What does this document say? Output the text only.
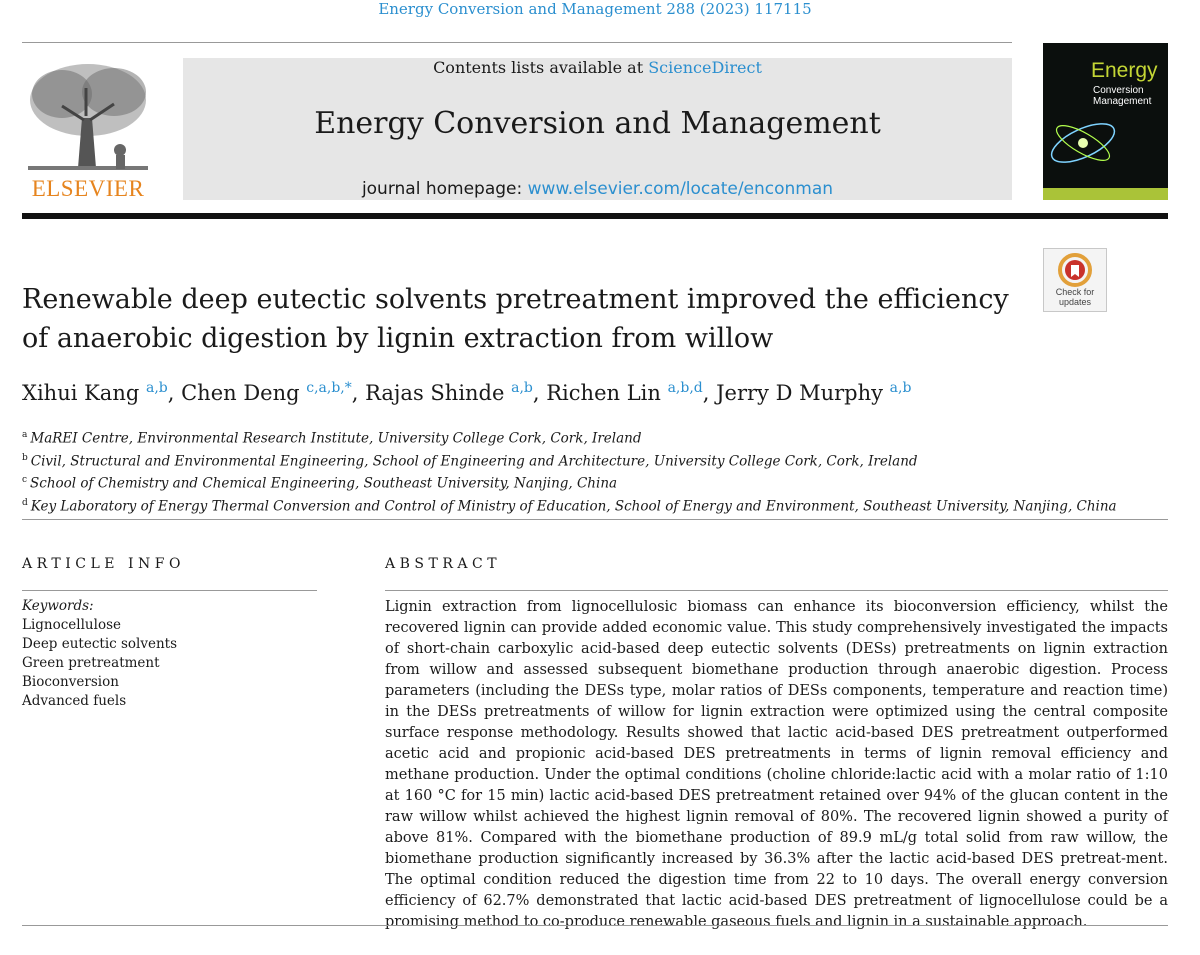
Energy Conversion and Management 288 (2023) 117115
ELSEVIER
Contents lists available at ScienceDirect
Energy Conversion and Management
journal homepage: www.elsevier.com/locate/enconman
Energy
Conversion
Management
Check for
updates
Renewable deep eutectic solvents pretreatment improved the efficiency of anaerobic digestion by lignin extraction from willow
Xihui Kang $^{a,b}$, Chen Deng $^{c,a,b,*}$, Rajas Shinde $^{a,b}$, Richen Lin $^{a,b,d}$, Jerry D Murphy $^{a,b}$
$^a$ MaREI Centre, Environmental Research Institute, University College Cork, Cork, Ireland
$^b$ Civil, Structural and Environmental Engineering, School of Engineering and Architecture, University College Cork, Cork, Ireland
$^c$ School of Chemistry and Chemical Engineering, Southeast University, Nanjing, China
$^d$ Key Laboratory of Energy Thermal Conversion and Control of Ministry of Education, School of Energy and Environment, Southeast University, Nanjing, China
ARTICLE INFO	ABSTRACT
Keywords:
Lignocellulose
Deep eutectic solvents
Green pretreatment
Bioconversion
Advanced fuels
Lignin extraction from lignocellulosic biomass can enhance its bioconversion efficiency, whilst the recovered lignin can provide added economic value. This study comprehensively investigated the impacts of short-chain carboxylic acid-based deep eutectic solvents (DESs) pretreatments on lignin extraction from willow and assessed subsequent biomethane production through anaerobic digestion. Process parameters (including the DESs type, molar ratios of DESs components, temperature and reaction time) in the DESs pretreatments of willow for lignin extraction were optimized using the central composite surface response methodology. Results showed that lactic acid-based DES pretreatment outperformed acetic acid and propionic acid-based DES pretreatments in terms of lignin removal efficiency and methane production. Under the optimal conditions (choline chloride:lactic acid with a molar ratio of 1:10 at 160 °C for 15 min) lactic acid-based DES pretreatment retained over 94% of the glucan content in the raw willow whilst achieved the highest lignin removal of 80%. The recovered lignin showed a purity of above 81%. Compared with the biomethane production of 89.9 mL/g total solid from raw willow, the biomethane production significantly increased by 36.3% after the lactic acid-based DES pretreat-ment. The optimal condition reduced the digestion time from 22 to 10 days. The overall energy conversion efficiency of 62.7% demonstrated that lactic acid-based DES pretreatment of lignocellulose could be a promising method to co-produce renewable gaseous fuels and lignin in a sustainable approach.
